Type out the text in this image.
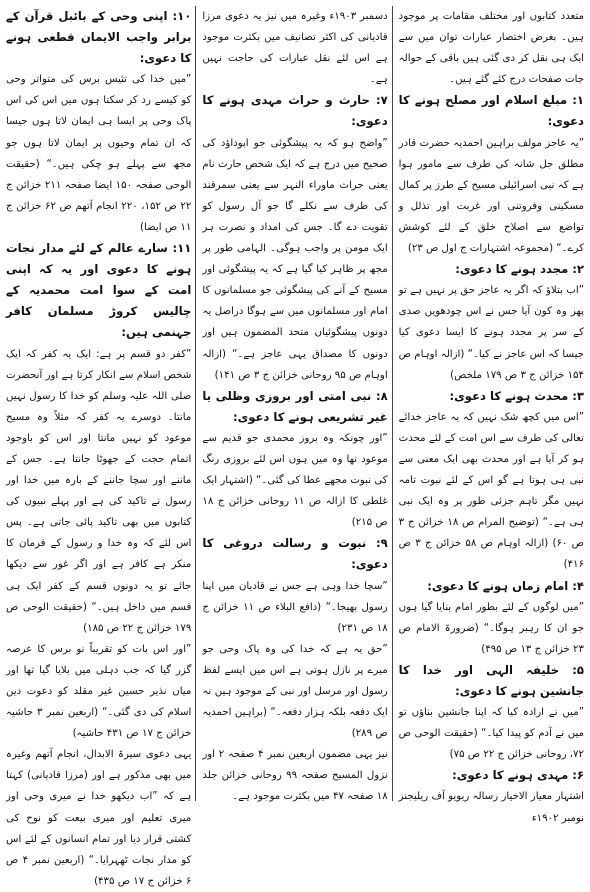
متعدد کتابوں اور مختلف مقامات پر موجود ہیں۔ بغرض اختصار عبارات توان میں سے ایک ہی نقل کر دی گئی ہیں باقی کے حوالہ جات صفحات درج کئے گئے ہیں۔
۱: مبلغ اسلام اور مصلح ہونے کا دعوی:
”یہ عاجز مولف براہین احمدیہ حضرت قادر مطلق جل شانہ کی طرف سے مامور ہوا ہے کہ نبی اسرائیلی مسیح کے طرز پر کمال مسکینی وفروتنی اور غربت اور تذلل و تواضع سے اصلاح خلق کے لئے کوشش کرے۔“ (مجموعہ اشتہارات ج اول ص ۲۳)
۲: مجدد ہونے کا دعوی:
”اب بتلاؤ کہ اگر یہ عاجز حق پر نہیں ہے تو پھر وہ کون آیا جس نے اس چودھویں صدی کے سر پر مجدد ہونے کا ایسا دعوی کیا جیسا کہ اس عاجز نے کیا۔“ (ازالہ اوہام ص ۱۵۴ خزائن ج ۳ ص ۱۷۹ ملخص)
۳: محدث ہونے کا دعوی:
”اس میں کچھ شک نہیں کہ یہ عاجز خدائے تعالی کی طرف سے اس امت کے لئے محدث ہو کر آیا ہے اور محدث بھی ایک معنی سے نبی ہی ہوتا ہے گو اس کے لئے نبوت تامہ نہیں مگر تاہم جزئی طور پر وہ ایک نبی ہی ہے۔“ (توضیح المرام ص ۱۸ خزائن ج ۳ ص ۶۰) (ازالہ اوہام ص ۵۸ خزائن ج ۳ ص ۴۱۶)
۴: امام زماں ہونے کا دعوی:
”میں لوگوں کے لئے بطور امام بنایا گیا ہوں جو ان کا رہبر ہوگا۔“ (ضرورۃ الامام ص ۲۳ خزائن ج ۱۳ ص ۴۹۵)
۵: خلیفہ الہی اور خدا کا جانشین ہونے کا دعوی:
”میں نے ارادہ کیا کہ اپنا جانشین بناؤں تو میں نے آدم کو پیدا کیا۔“ (حقیقت الوحی ص ۷۲، روحانی خزائن ج ۲۲ ص ۷۵)
۶: مہدی ہونے کا دعوی:
اشتہار معیار الاخیار رسالہ ریویو آف ریلیجنز نومبر ۱۹۰۲ء
دسمبر ۱۹۰۳ء وغیرہ میں نیز یہ دعوی مرزا قادیانی کی اکثر تصانیف میں بکثرت موجود ہے اس لئے نقل عبارات کی حاجت نہیں ہے۔
۷: حارث و حراث مہدی ہونے کا دعوی:
”واضح ہو کہ یہ پیشگوئی جو ابوداؤد کی صحیح میں درج ہے کہ ایک شخص حارث نام یعنی حراث ماوراء النہر سے یعنی سمرقند کی طرف سے نکلے گا جو آل رسول کو تقویت دے گا۔ جس کی امداد و نصرت ہر ایک مومن پر واجب ہوگی۔ الہامی طور پر مجھ پر ظاہر کیا گیا ہے کہ یہ پیشگوئی اور مسیح کے آنے کی پیشگوئی جو مسلمانوں کا امام اور مسلمانوں میں سے ہوگا دراصل یہ دونوں پیشگوئیاں متحد المضمون ہیں اور دونوں کا مصداق یہی عاجز ہے۔“ (ازالہ اوہام ص ۹۵ روحانی خزائن ج ۳ ص ۱۴۱)
۸: نبی امتی اور بروزی وظلی یا غیر تشریعی ہونے کا دعوی:
”اور چونکہ وہ بروز محمدی جو قدیم سے موعود تھا وہ میں ہوں اس لئے بروزی رنگ کی نبوت مجھے عطا کی گئی۔“ (اشتہار ایک غلطی کا ازالہ ص ۱۱ روحانی خزائن ج ۱۸ ص ۲۱۵)
۹: نبوت و رسالت دروغی کا دعوی:
”سچا خدا وہی ہے جس نے قادیان میں اپنا رسول بھیجا۔“ (دافع البلاء ص ۱۱ خزائن ج ۱۸ ص ۲۳۱)
”حق یہ ہے کہ خدا کی وہ پاک وحی جو میرے پر نازل ہوتی ہے اس میں ایسے لفظ رسول اور مرسل اور نبی کے موجود ہیں نہ ایک دفعہ بلکہ ہزار دفعہ۔“ (براہین احمدیہ ص ۲۸۹)
نیز یہی مضمون اربعین نمبر ۴ صفحہ ۲ اور نزول المسیح صفحہ ۹۹ روحانی خزائن جلد ۱۸ صفحہ ۴۷ میں بکثرت موجود ہے۔
۱۰: اپنی وحی کے بائبل قرآن کے برابر واجب الایمان قطعی ہونے کا دعوی:
”میں خدا کی تئیس برس کی متواتر وحی کو کیسے رد کر سکتا ہوں میں اس کی اس پاک وحی پر ایسا ہی ایمان لاتا ہوں جیسا کہ ان تمام وحیوں پر ایمان لاتا ہوں جو مجھ سے پہلے ہو چکی ہیں۔“ (حقیقت الوحی صفحہ ۱۵۰ ایضا صفحہ ۲۱۱ خزائن ج ۲۲ ص ۱۵۲، ۲۲۰ انجام آتھم ص ۶۲ خزائن ج ۱۱ ص ایضا)
۱۱: سارے عالم کے لئے مدار نجات ہونے کا دعوی اور یہ کہ اپنی امت کے سوا امت محمدیہ کے چالیس کروڑ مسلمان کافر جہنمی ہیں:
”کفر دو قسم پر ہے: ایک یہ کفر کہ ایک شخص اسلام سے انکار کرتا ہے اور آنحضرت صلی اللہ علیہ وسلم کو خدا کا رسول نہیں مانتا۔ دوسرے یہ کفر کہ مثلاً وہ مسیح موعود کو نہیں مانتا اور اس کو باوجود اتمام حجت کے جھوٹا جانتا ہے۔ جس کے ماننے اور سچا جاننے کے بارہ میں خدا اور رسول نے تاکید کی ہے اور پہلے نبیوں کی کتابوں میں بھی تاکید پائی جاتی ہے۔ پس اس لئے کہ وہ خدا و رسول کے فرمان کا منکر ہے کافر ہے اور اگر غور سے دیکھا جائے تو یہ دونوں قسم کے کفر ایک ہی قسم میں داخل ہیں۔“ (حقیقت الوحی ص ۱۷۹ خزائن ج ۲۲ ص ۱۸۵)
”اور اس بات کو تقریباً نو برس کا عرصہ گزر گیا کہ جب دہلی میں بلایا گیا تھا اور میاں نذیر حسین غیر مقلد کو دعوت دین اسلام کی دی گئی۔“ (اربعین نمبر ۳ حاشیہ خزائن ج ۱۷ ص ۴۳۱ حاشیہ)
یہی دعوی سیرۃ الابدال، انجام آتھم وغیرہ میں بھی مذکور ہے اور (مرزا قادیانی) کہتا ہے کہ ”اب دیکھو خدا نے میری وحی اور میری تعلیم اور میری بیعت کو نوح کی کشتی قرار دیا اور تمام انسانوں کے لئے اس کو مدار نجات ٹھہرایا۔“ (اربعین نمبر ۴ ص ۶ خزائن ج ۱۷ ص ۴۳۵)
